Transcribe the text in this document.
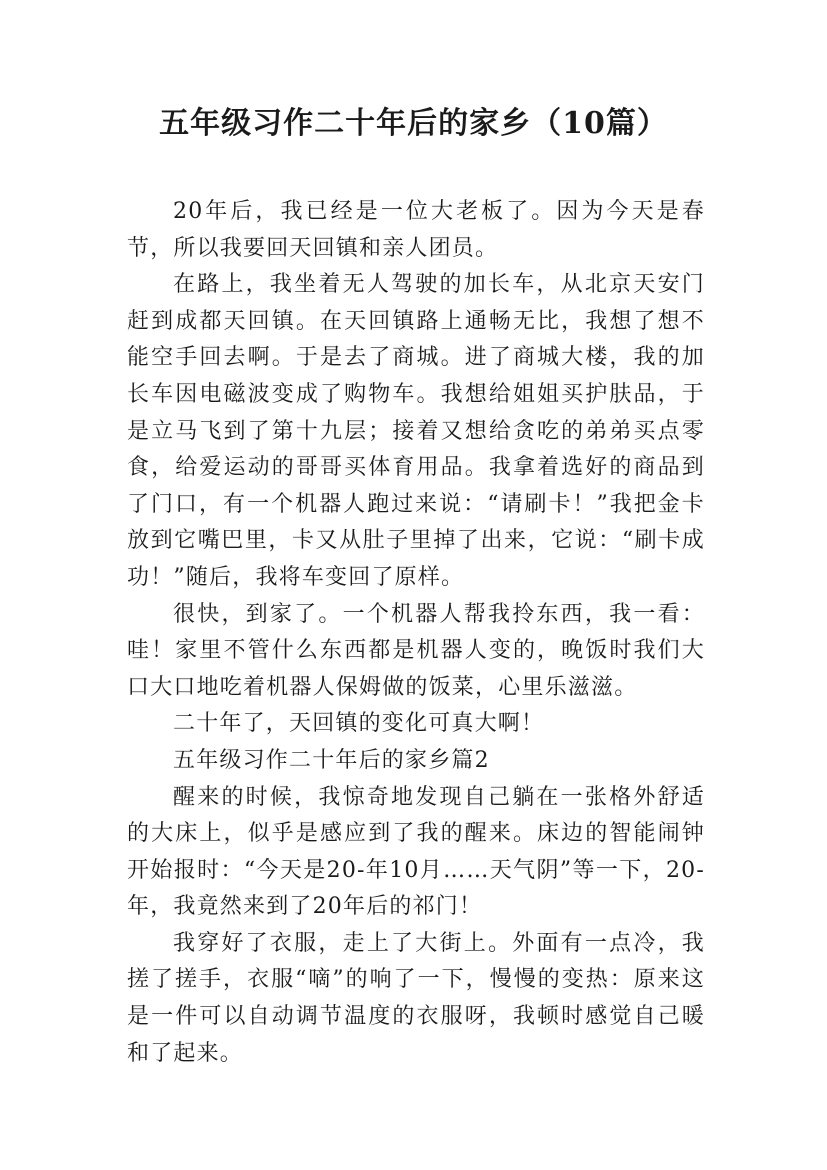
五年级习作二十年后的家乡（10篇）

20年后，我已经是一位大老板了。因为今天是春节，所以我要回天回镇和亲人团员。

在路上，我坐着无人驾驶的加长车，从北京天安门赶到成都天回镇。在天回镇路上通畅无比，我想了想不能空手回去啊。于是去了商城。进了商城大楼，我的加长车因电磁波变成了购物车。我想给姐姐买护肤品，于是立马飞到了第十九层；接着又想给贪吃的弟弟买点零食，给爱运动的哥哥买体育用品。我拿着选好的商品到了门口，有一个机器人跑过来说：“请刷卡！”我把金卡放到它嘴巴里，卡又从肚子里掉了出来，它说：“刷卡成功！”随后，我将车变回了原样。

很快，到家了。一个机器人帮我拎东西，我一看：哇！家里不管什么东西都是机器人变的，晚饭时我们大口大口地吃着机器人保姆做的饭菜，心里乐滋滋。

二十年了，天回镇的变化可真大啊！

五年级习作二十年后的家乡篇2

醒来的时候，我惊奇地发现自己躺在一张格外舒适的大床上，似乎是感应到了我的醒来。床边的智能闹钟开始报时：“今天是20-年10月……天气阴”等一下，20-年，我竟然来到了20年后的祁门！

我穿好了衣服，走上了大街上。外面有一点冷，我搓了搓手，衣服“嘀”的响了一下，慢慢的变热：原来这是一件可以自动调节温度的衣服呀，我顿时感觉自己暖和了起来。
